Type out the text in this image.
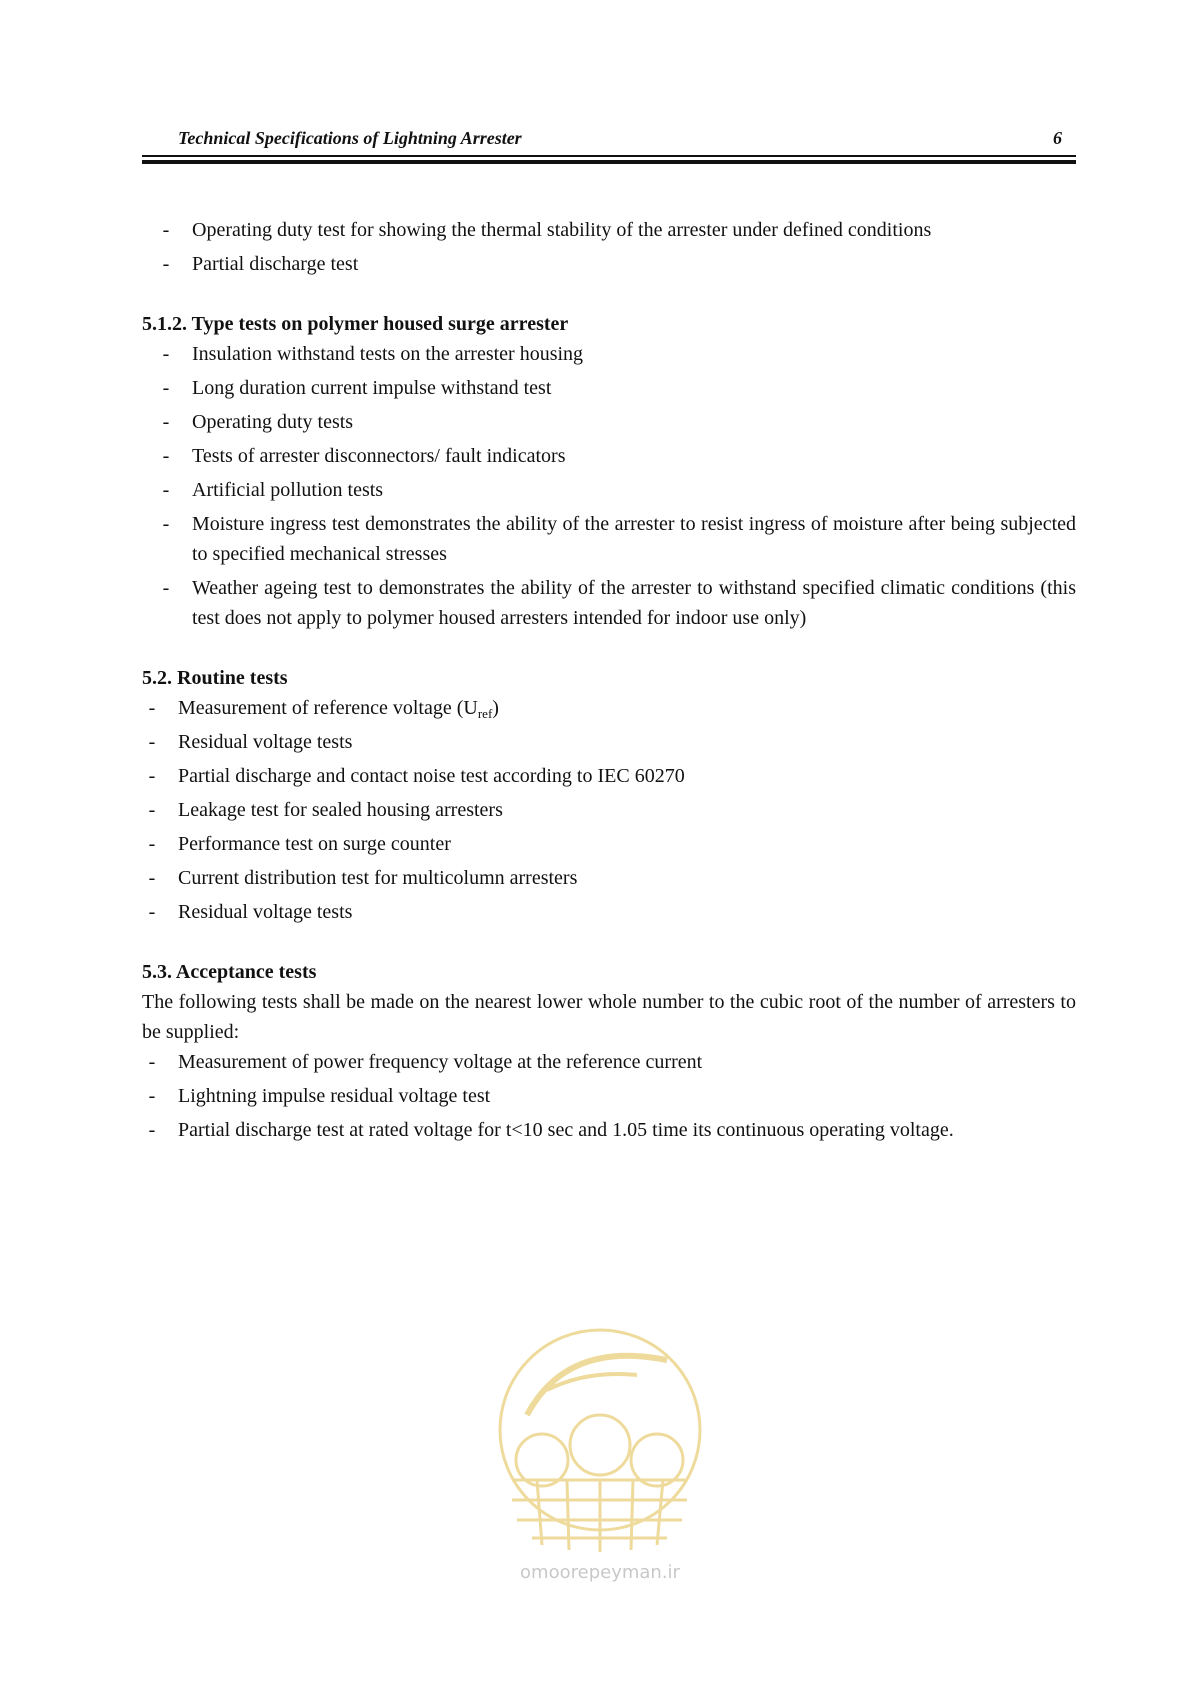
Technical Specifications of Lightning Arrester	6
-	Operating duty test for showing the thermal stability of the arrester under defined conditions
-	Partial discharge test

5.1.2. Type tests on polymer housed surge arrester

-	Insulation withstand tests on the arrester housing
-	Long duration current impulse withstand test
-	Operating duty tests
-	Tests of arrester disconnectors/ fault indicators
-	Artificial pollution tests
-	Moisture ingress test demonstrates the ability of the arrester to resist ingress of moisture after being subjected to specified mechanical stresses
-	Weather ageing test to demonstrates the ability of the arrester to withstand specified climatic conditions (this test does not apply to polymer housed arresters intended for indoor use only)

5.2. Routine tests

-	Measurement of reference voltage $(U_{ref})$
-	Residual voltage tests
-	Partial discharge and contact noise test according to IEC 60270
-	Leakage test for sealed housing arresters
-	Performance test on surge counter
-	Current distribution test for multicolumn arresters
-	Residual voltage tests

5.3. Acceptance tests

The following tests shall be made on the nearest lower whole number to the cubic root of the number of arresters to be supplied:

-	Measurement of power frequency voltage at the reference current
-	Lightning impulse residual voltage test
-	Partial discharge test at rated voltage for t<10 sec and 1.05 time its continuous operating voltage.
omoorepeyman.ir
